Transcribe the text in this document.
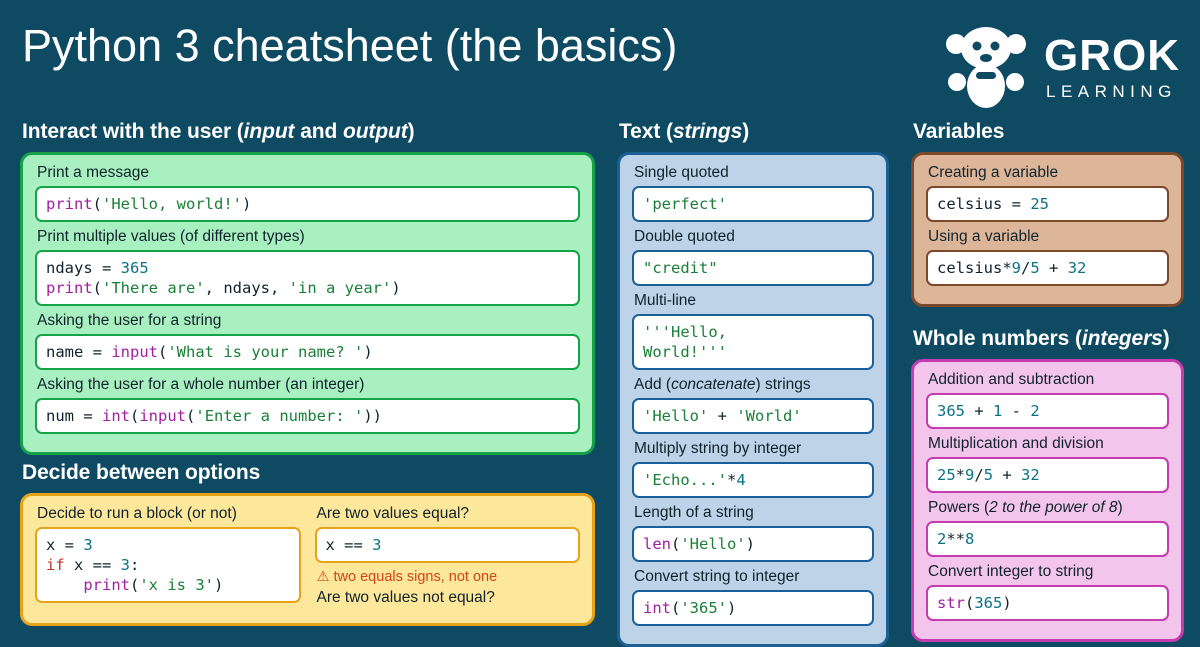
Python 3 cheatsheet (the basics)	GROK
LEARNING
Interact with the user (input and output)
Print a message
print('Hello, world!')
Print multiple values (of different types)
ndays = 365
print('There are', ndays, 'in a year')
Asking the user for a string
name = input('What is your name? ')
Asking the user for a whole number (an integer)
num = int(input('Enter a number: '))
Decide between options
Decide to run a block (or not)
x = 3
if x == 3:
print('x is 3')
Are two values equal?
x == 3
⚠ two equals signs, not one
Are two values not equal?
Text (strings)
Single quoted
'perfect'
Double quoted
"credit"
Multi-line
'''Hello,
World!'''
Add (concatenate) strings
'Hello' + 'World'
Multiply string by integer
'Echo...'*4
Length of a string
len('Hello')
Convert string to integer
int('365')
Variables
Creating a variable
celsius = 25
Using a variable
celsius*9/5 + 32
Whole numbers (integers)
Addition and subtraction
365 + 1 - 2
Multiplication and division
25*9/5 + 32
Powers (2 to the power of 8)
2**8
Convert integer to string
str(365)
